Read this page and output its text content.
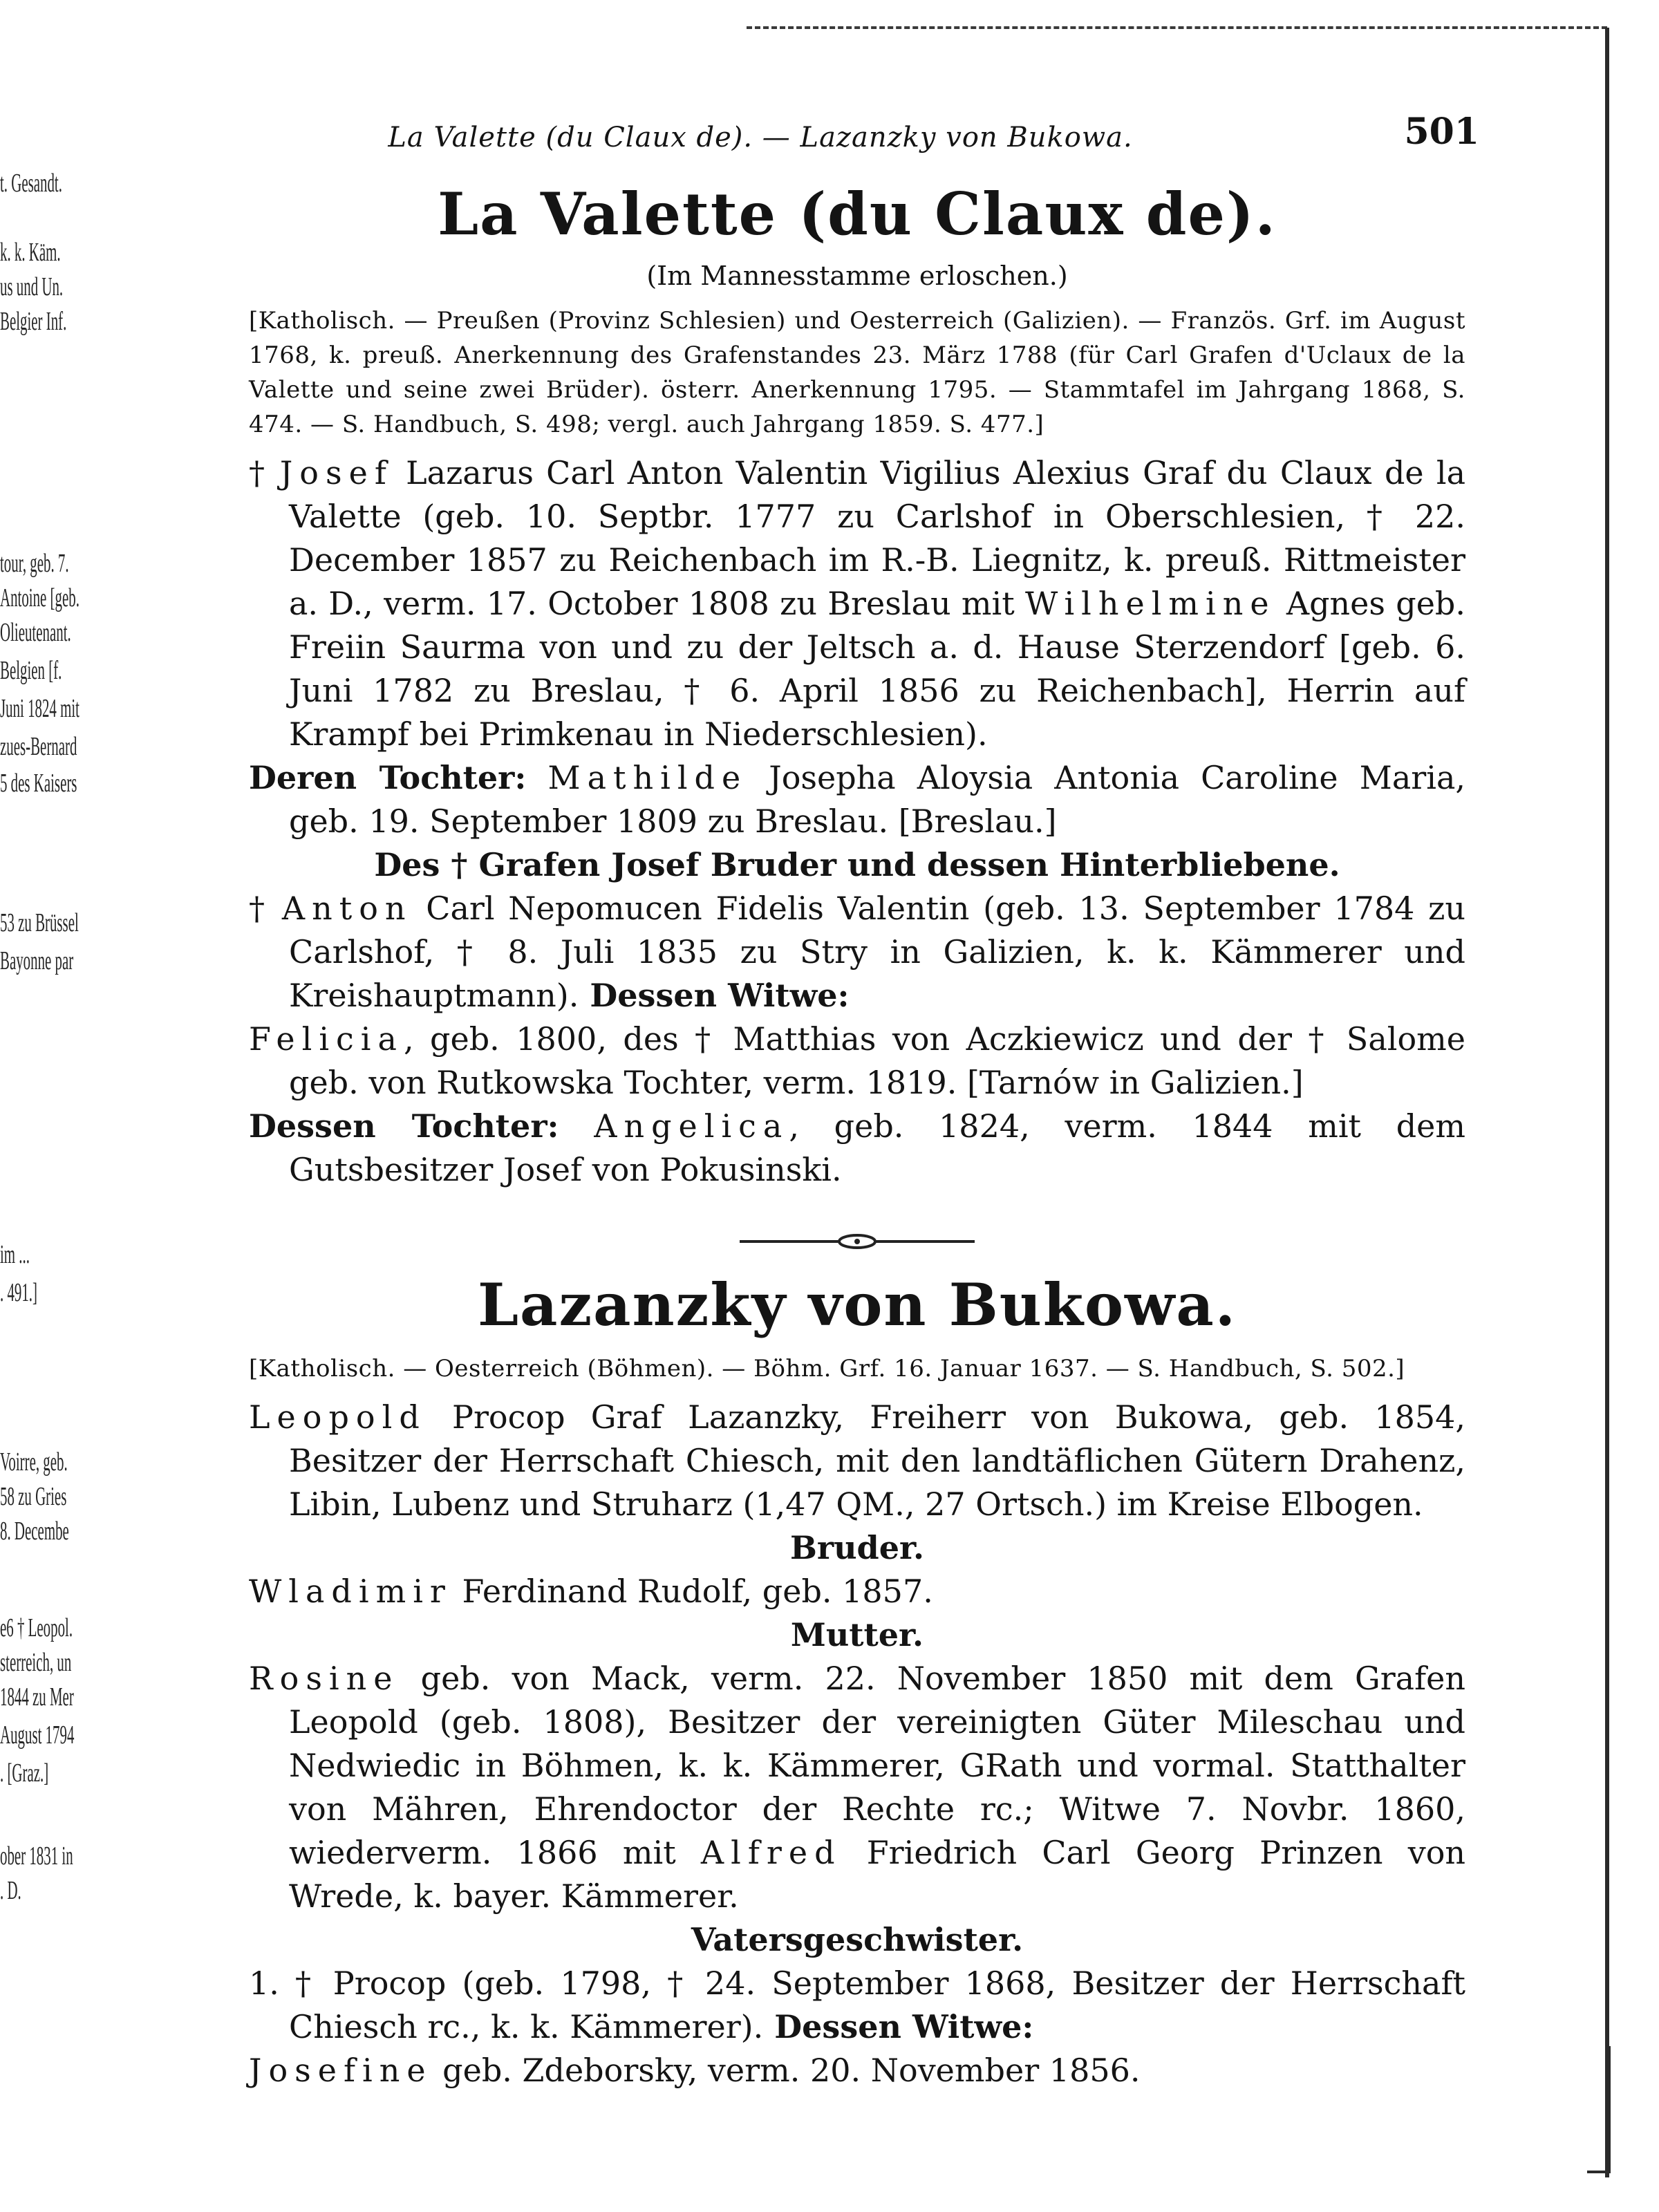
t. Gesandt.
k. k. Käm.
us und Un.
Belgier Inf.
tour, geb. 7.
Antoine [geb.
Olieutenant.
Belgien [f.
Juni 1824 mit
zues-Bernard
5 des Kaisers
53 zu Brüssel
Bayonne par
im ...
. 491.]
Voirre, geb.
58 zu Gries
8. Decembe
e6 † Leopol.
sterreich, un
1844 zu Mer
August 1794
. [Graz.]
ober 1831 in
. D.
La Valette (du Claux de). — Lazanzky von Bukowa.	501
La Valette (du Claux de).
(Im Mannesstamme erloschen.)
[Katholisch. — Preußen (Provinz Schlesien) und Oesterreich (Galizien). — Französ. Grf. im August 1768, k. preuß. Anerkennung des Grafenstandes 23. März 1788 (für Carl Grafen d'Uclaux de la Valette und seine zwei Brüder). österr. Anerkennung 1795. — Stammtafel im Jahrgang 1868, S. 474. — S. Handbuch, S. 498; vergl. auch Jahrgang 1859. S. 477.]

† Josef Lazarus Carl Anton Valentin Vigilius Alexius Graf du Claux de la Valette (geb. 10. Septbr. 1777 zu Carlshof in Oberschlesien, † 22. December 1857 zu Reichenbach im R.-B. Liegnitz, k. preuß. Rittmeister a. D., verm. 17. October 1808 zu Breslau mit Wilhelmine Agnes geb. Freiin Saurma von und zu der Jeltsch a. d. Hause Sterzendorf [geb. 6. Juni 1782 zu Breslau, † 6. April 1856 zu Reichenbach], Herrin auf Krampf bei Primkenau in Niederschlesien).

Deren Tochter: Mathilde Josepha Aloysia Antonia Caroline Maria, geb. 19. September 1809 zu Breslau. [Breslau.]

Des † Grafen Josef Bruder und dessen Hinterbliebene.

† Anton Carl Nepomucen Fidelis Valentin (geb. 13. September 1784 zu Carlshof, † 8. Juli 1835 zu Stry in Galizien, k. k. Kämmerer und Kreishauptmann). Dessen Witwe:

Felicia, geb. 1800, des † Matthias von Aczkiewicz und der † Salome geb. von Rutkowska Tochter, verm. 1819. [Tarnów in Galizien.]

Dessen Tochter: Angelica, geb. 1824, verm. 1844 mit dem Gutsbesitzer Josef von Pokusinski.

Lazanzky von Bukowa.
[Katholisch. — Oesterreich (Böhmen). — Böhm. Grf. 16. Januar 1637. — S. Handbuch, S. 502.]

Leopold Procop Graf Lazanzky, Freiherr von Bukowa, geb. 1854, Besitzer der Herrschaft Chiesch, mit den landtäflichen Gütern Drahenz, Libin, Lubenz und Struharz (1,47 QM., 27 Ortsch.) im Kreise Elbogen.

Bruder.

Wladimir Ferdinand Rudolf, geb. 1857.

Mutter.

Rosine geb. von Mack, verm. 22. November 1850 mit dem Grafen Leopold (geb. 1808), Besitzer der vereinigten Güter Mileschau und Nedwiedic in Böhmen, k. k. Kämmerer, GRath und vormal. Statthalter von Mähren, Ehrendoctor der Rechte rc.; Witwe 7. Novbr. 1860, wiederverm. 1866 mit Alfred Friedrich Carl Georg Prinzen von Wrede, k. bayer. Kämmerer.

Vatersgeschwister.

1. † Procop (geb. 1798, † 24. September 1868, Besitzer der Herrschaft Chiesch rc., k. k. Kämmerer). Dessen Witwe:

Josefine geb. Zdeborsky, verm. 20. November 1856.
